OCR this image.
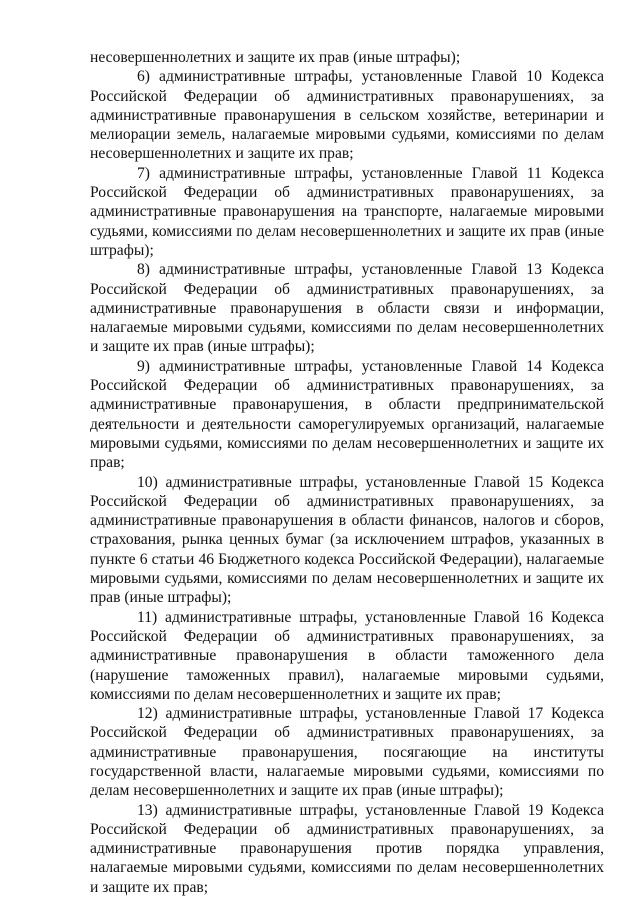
несовершеннолетних и защите их прав (иные штрафы);

6) административные штрафы, установленные Главой 10 Кодекса Российской Федерации об административных правонарушениях, за административные правонарушения в сельском хозяйстве, ветеринарии и мелиорации земель, налагаемые мировыми судьями, комиссиями по делам несовершеннолетних и защите их прав;

7) административные штрафы, установленные Главой 11 Кодекса Российской Федерации об административных правонарушениях, за административные правонарушения на транспорте, налагаемые мировыми судьями, комиссиями по делам несовершеннолетних и защите их прав (иные штрафы);

8) административные штрафы, установленные Главой 13 Кодекса Российской Федерации об административных правонарушениях, за административные правонарушения в области связи и информации, налагаемые мировыми судьями, комиссиями по делам несовершеннолетних и защите их прав (иные штрафы);

9) административные штрафы, установленные Главой 14 Кодекса Российской Федерации об административных правонарушениях, за административные правонарушения, в области предпринимательской деятельности и деятельности саморегулируемых организаций, налагаемые мировыми судьями, комиссиями по делам несовершеннолетних и защите их прав;

10) административные штрафы, установленные Главой 15 Кодекса Российской Федерации об административных правонарушениях, за административные правонарушения в области финансов, налогов и сборов, страхования, рынка ценных бумаг (за исключением штрафов, указанных в пункте 6 статьи 46 Бюджетного кодекса Российской Федерации), налагаемые мировыми судьями, комиссиями по делам несовершеннолетних и защите их прав (иные штрафы);

11) административные штрафы, установленные Главой 16 Кодекса Российской Федерации об административных правонарушениях, за административные правонарушения в области таможенного дела (нарушение таможенных правил), налагаемые мировыми судьями, комиссиями по делам несовершеннолетних и защите их прав;

12) административные штрафы, установленные Главой 17 Кодекса Российской Федерации об административных правонарушениях, за административные правонарушения, посягающие на институты государственной власти, налагаемые мировыми судьями, комиссиями по делам несовершеннолетних и защите их прав (иные штрафы);

13) административные штрафы, установленные Главой 19 Кодекса Российской Федерации об административных правонарушениях, за административные правонарушения против порядка управления, налагаемые мировыми судьями, комиссиями по делам несовершеннолетних и защите их прав;
